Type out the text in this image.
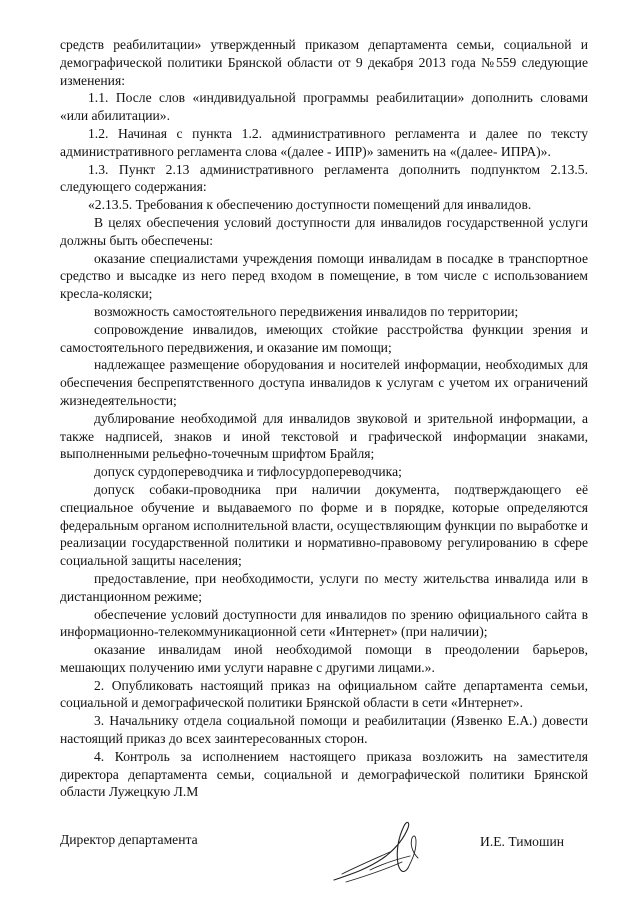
средств реабилитации» утвержденный приказом департамента семьи, социальной и демографической политики Брянской области от 9 декабря 2013 года №559 следующие изменения:

1.1. После слов «индивидуальной программы реабилитации» дополнить словами «или абилитации».

1.2. Начиная с пункта 1.2. административного регламента и далее по тексту административного регламента слова «(далее - ИПР)» заменить на «(далее- ИПРА)».

1.3. Пункт 2.13 административного регламента дополнить подпунктом 2.13.5. следующего содержания:

«2.13.5. Требования к обеспечению доступности помещений для инвалидов.

В целях обеспечения условий доступности для инвалидов государственной услуги должны быть обеспечены:

оказание специалистами учреждения помощи инвалидам в посадке в транспортное средство и высадке из него перед входом в помещение, в том числе с использованием кресла-коляски;

возможность самостоятельного передвижения инвалидов по территории;

сопровождение инвалидов, имеющих стойкие расстройства функции зрения и самостоятельного передвижения, и оказание им помощи;

надлежащее размещение оборудования и носителей информации, необходимых для обеспечения беспрепятственного доступа инвалидов к услугам с учетом их ограничений жизнедеятельности;

дублирование необходимой для инвалидов звуковой и зрительной информации, а также надписей, знаков и иной текстовой и графической информации знаками, выполненными рельефно-точечным шрифтом Брайля;

допуск сурдопереводчика и тифлосурдопереводчика;

допуск собаки-проводника при наличии документа, подтверждающего её специальное обучение и выдаваемого по форме и в порядке, которые определяются федеральным органом исполнительной власти, осуществляющим функции по выработке и реализации государственной политики и нормативно-правовому регулированию в сфере социальной защиты населения;

предоставление, при необходимости, услуги по месту жительства инвалида или в дистанционном режиме;

обеспечение условий доступности для инвалидов по зрению официального сайта в информационно-телекоммуникационной сети «Интернет» (при наличии);

оказание инвалидам иной необходимой помощи в преодолении барьеров, мешающих получению ими услуги наравне с другими лицами.».

2. Опубликовать настоящий приказ на официальном сайте департамента семьи, социальной и демографической политики Брянской области в сети «Интернет».

3. Начальнику отдела социальной помощи и реабилитации (Язвенко Е.А.) довести настоящий приказ до всех заинтересованных сторон.

4. Контроль за исполнением настоящего приказа возложить на заместителя директора департамента семьи, социальной и демографической политики Брянской области Лужецкую Л.М

Директор департамента	И.Е. Тимошин
